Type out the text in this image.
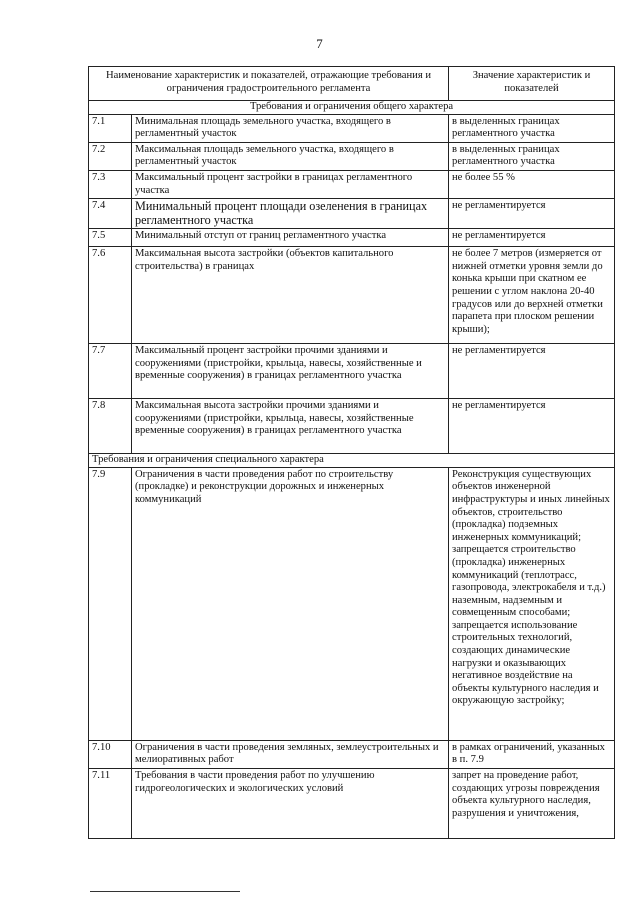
7
Наименование характеристик и показателей, отражающие требования и ограничения градостроительного регламента		Значение характеристик и показателей
Требования и ограничения общего характера		
7.1	Минимальная площадь земельного участка, входящего в регламентный участок	в выделенных границах регламентного участка
7.2	Максимальная площадь земельного участка, входящего в регламентный участок	в выделенных границах регламентного участка
7.3	Максимальный процент застройки в границах регламентного участка	не более 55 %
7.4	Минимальный процент площади озеленения в границах регламентного участка	не регламентируется
7.5	Минимальный отступ от границ регламентного участка	не регламентируется
7.6	Максимальная высота застройки (объектов капитального строительства) в границах	не более 7 метров (измеряется от нижней отметки уровня земли до конька крыши при скатном ее решении с углом наклона 20-40 градусов или до верхней отметки парапета при плоском решении крыши);
7.7	Максимальный процент застройки прочими зданиями и сооружениями (пристройки, крыльца, навесы, хозяйственные и временные сооружения) в границах регламентного участка	не регламентируется
7.8	Максимальная высота застройки прочими зданиями и сооружениями (пристройки, крыльца, навесы, хозяйственные временные сооружения) в границах регламентного участка	не регламентируется
Требования и ограничения специального характера		
7.9	Ограничения в части проведения работ по строительству (прокладке) и реконструкции дорожных и инженерных коммуникаций	Реконструкция существующих объектов инженерной инфраструктуры и иных линейных объектов, строительство (прокладка) подземных инженерных коммуникаций; запрещается строительство (прокладка) инженерных коммуникаций (теплотрасс, газопровода, электрокабеля и т.д.) наземным, надземным и совмещенным способами; запрещается использование строительных технологий, создающих динамические нагрузки и оказывающих негативное воздействие на объекты культурного наследия и окружающую застройку;
7.10	Ограничения в части проведения земляных, землеустроительных и мелиоративных работ	в рамках ограничений, указанных в п. 7.9
7.11	Требования в части проведения работ по улучшению гидрогеологических и экологических условий	запрет на проведение работ, создающих угрозы повреждения объекта культурного наследия, разрушения и уничтожения,
